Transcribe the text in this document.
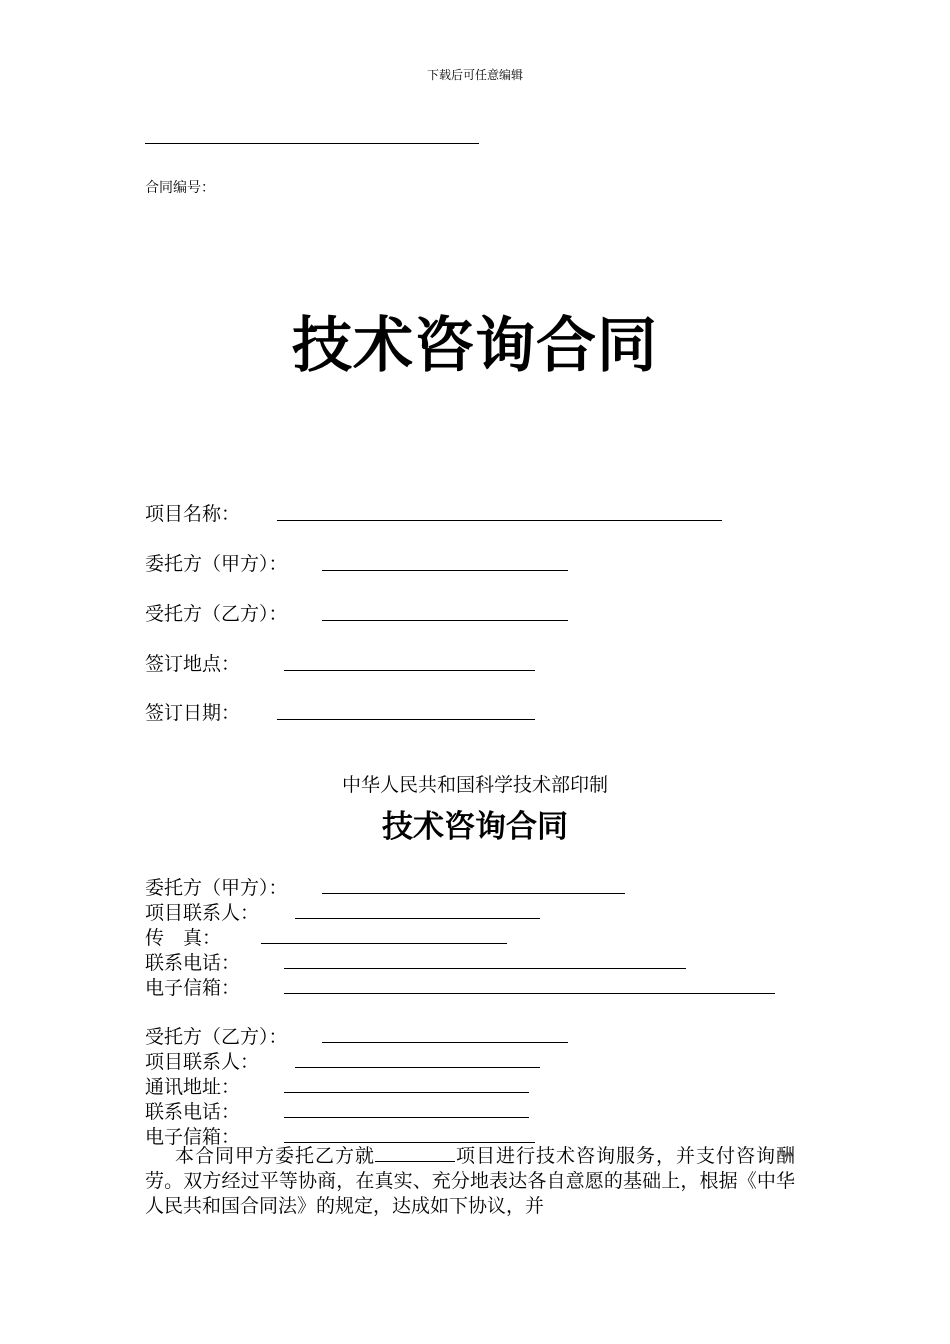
下载后可任意编辑
合同编号：
技术咨询合同
项目名称：
委托方（甲方）：
受托方（乙方）：
签订地点：
签订日期：
中华人民共和国科学技术部印制
技术咨询合同
委托方（甲方）：
项目联系人：
传　真：
联系电话：
电子信箱：
受托方（乙方）：
项目联系人：
通讯地址：
联系电话：
电子信箱：
本合同甲方委托乙方就	项目进行技术咨询服务，并支付咨询酬劳。双方经过平等协商，在真实、充分地表达各自意愿的基础上，根据《中华人民共和国合同法》的规定，达成如下协议，并
